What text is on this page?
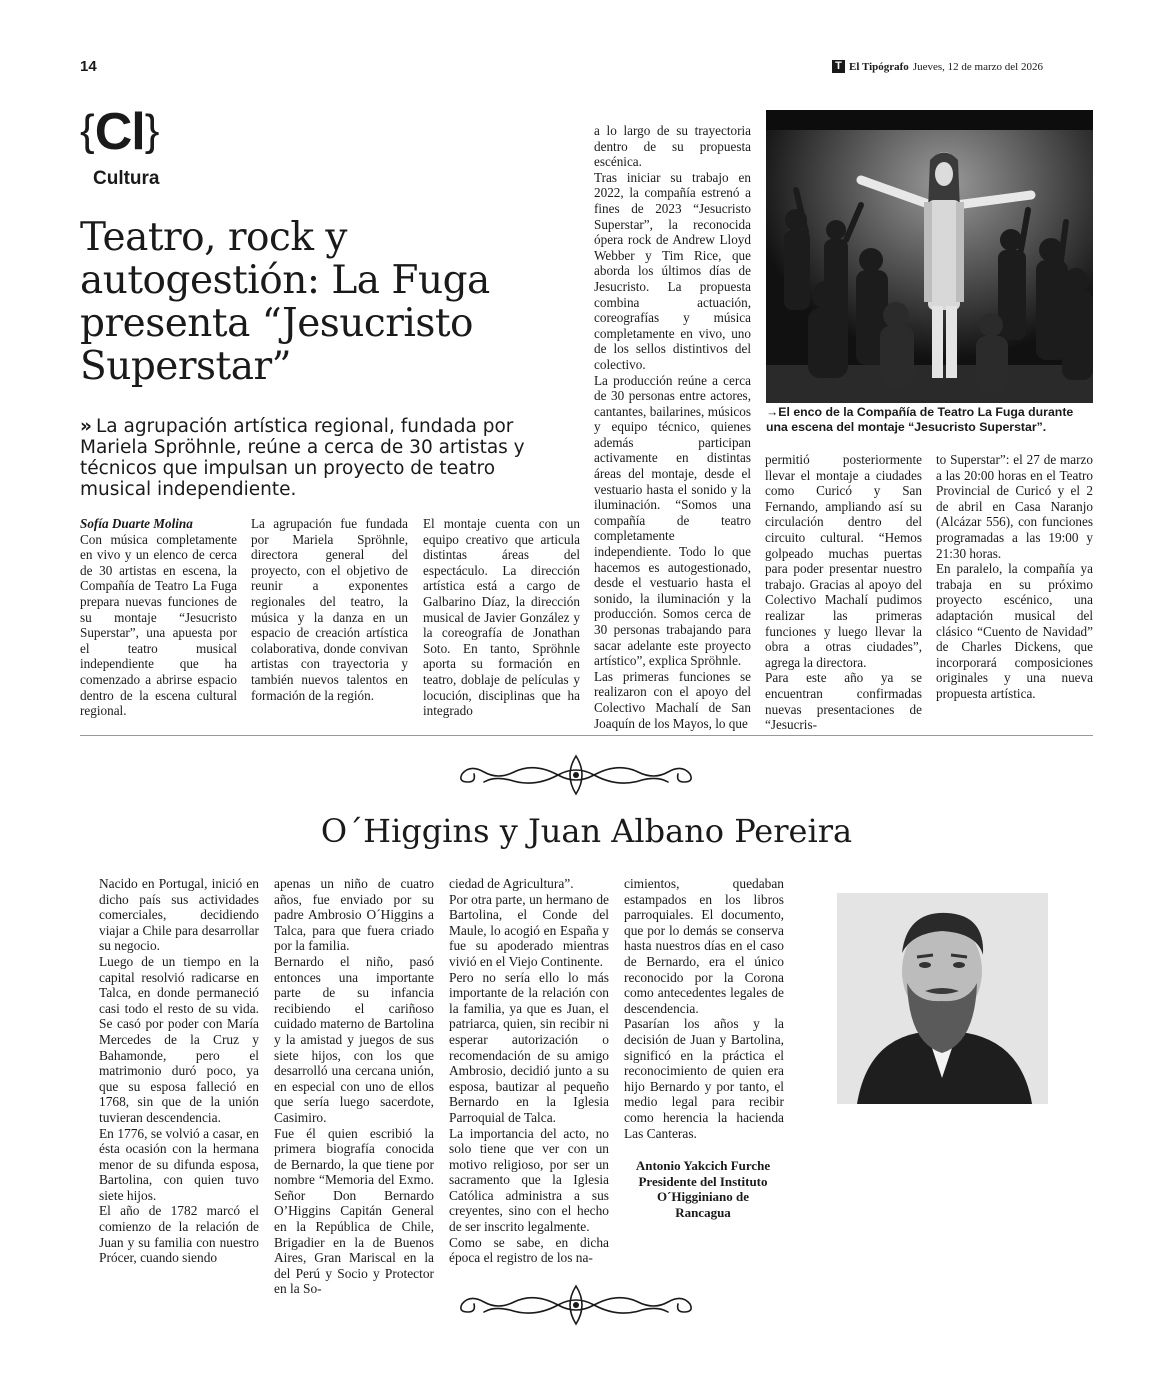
14	T El Tipógrafo Jueves, 12 de marzo del 2026
{Cl}
Cultura
Teatro, rock y autogestión: La Fuga presenta “Jesucristo Superstar”
» La agrupación artística regional, fundada por Mariela Spröhnle, reúne a cerca de 30 artistas y técnicos que impulsan un proyecto de teatro musical independiente.

Sofía Duarte Molina

Con música completamente en vivo y un elenco de cerca de 30 artistas en escena, la Compañía de Teatro La Fuga prepara nuevas funciones de su montaje “Jesucristo Superstar”, una apuesta por el teatro musical independiente que ha comenzado a abrirse espacio dentro de la escena cultural regional.

La agrupación fue fundada por Mariela Spröhnle, directora general del proyecto, con el objetivo de reunir a exponentes regionales del teatro, la música y la danza en un espacio de creación artística colaborativa, donde convivan artistas con trayectoria y también nuevos talentos en formación de la región.

El montaje cuenta con un equipo creativo que articula distintas áreas del espectáculo. La dirección artística está a cargo de Galbarino Díaz, la dirección musical de Javier González y la coreografía de Jonathan Soto. En tanto, Spröhnle aporta su formación en teatro, doblaje de películas y locución, disciplinas que ha integrado

a lo largo de su trayectoria dentro de su propuesta escénica.

Tras iniciar su trabajo en 2022, la compañía estrenó a fines de 2023 “Jesucristo Superstar”, la reconocida ópera rock de Andrew Lloyd Webber y Tim Rice, que aborda los últimos días de Jesucristo. La propuesta combina actuación, coreografías y música completamente en vivo, uno de los sellos distintivos del colectivo.

La producción reúne a cerca de 30 personas entre actores, cantantes, bailarines, músicos y equipo técnico, quienes además participan activamente en distintas áreas del montaje, desde el vestuario hasta el sonido y la iluminación. “Somos una compañía de teatro completamente independiente. Todo lo que hacemos es autogestionado, desde el vestuario hasta el sonido, la iluminación y la producción. Somos cerca de 30 personas trabajando para sacar adelante este proyecto artístico”, explica Spröhnle.

Las primeras funciones se realizaron con el apoyo del Colectivo Machalí de San Joaquín de los Mayos, lo que

permitió posteriormente llevar el montaje a ciudades como Curicó y San Fernando, ampliando así su circulación dentro del circuito cultural. “Hemos golpeado muchas puertas para poder presentar nuestro trabajo. Gracias al apoyo del Colectivo Machalí pudimos realizar las primeras funciones y luego llevar la obra a otras ciudades”, agrega la directora.

Para este año ya se encuentran confirmadas nuevas presentaciones de “Jesucris-

to Superstar”: el 27 de marzo a las 20:00 horas en el Teatro Provincial de Curicó y el 2 de abril en Casa Naranjo (Alcázar 556), con funciones programadas a las 19:00 y 21:30 horas.

En paralelo, la compañía ya trabaja en su próximo proyecto escénico, una adaptación musical del clásico “Cuento de Navidad” de Charles Dickens, que incorporará composiciones originales y una nueva propuesta artística.

→El enco de la Compañía de Teatro La Fuga durante una escena del montaje “Jesucristo Superstar”.
O´Higgins y Juan Albano Pereira

Nacido en Portugal, inició en dicho país sus actividades comerciales, decidiendo viajar a Chile para desarrollar su negocio.

Luego de un tiempo en la capital resolvió radicarse en Talca, en donde permaneció casi todo el resto de su vida. Se casó por poder con María Mercedes de la Cruz y Bahamonde, pero el matrimonio duró poco, ya que su esposa falleció en 1768, sin que de la unión tuvieran descendencia.

En 1776, se volvió a casar, en ésta ocasión con la hermana menor de su difunda esposa, Bartolina, con quien tuvo siete hijos.

El año de 1782 marcó el comienzo de la relación de Juan y su familia con nuestro Prócer, cuando siendo

apenas un niño de cuatro años, fue enviado por su padre Ambrosio O´Higgins a Talca, para que fuera criado por la familia.

Bernardo el niño, pasó entonces una importante parte de su infancia recibiendo el cariñoso cuidado materno de Bartolina y la amistad y juegos de sus siete hijos, con los que desarrolló una cercana unión, en especial con uno de ellos que sería luego sacerdote, Casimiro.

Fue él quien escribió la primera biografía conocida de Bernardo, la que tiene por nombre “Memoria del Exmo. Señor Don Bernardo O’Higgins Capitán General en la República de Chile, Brigadier en la de Buenos Aires, Gran Mariscal en la del Perú y Socio y Protector en la So-

ciedad de Agricultura”.

Por otra parte, un hermano de Bartolina, el Conde del Maule, lo acogió en España y fue su apoderado mientras vivió en el Viejo Continente.

Pero no sería ello lo más importante de la relación con la familia, ya que es Juan, el patriarca, quien, sin recibir ni esperar autorización o recomendación de su amigo Ambrosio, decidió junto a su esposa, bautizar al pequeño Bernardo en la Iglesia Parroquial de Talca.

La importancia del acto, no solo tiene que ver con un motivo religioso, por ser un sacramento que la Iglesia Católica administra a sus creyentes, sino con el hecho de ser inscrito legalmente.

Como se sabe, en dicha época el registro de los na-

cimientos, quedaban estampados en los libros parroquiales. El documento, que por lo demás se conserva hasta nuestros días en el caso de Bernardo, era el único reconocido por la Corona como antecedentes legales de descendencia.

Pasarían los años y la decisión de Juan y Bartolina, significó en la práctica el reconocimiento de quien era hijo Bernardo y por tanto, el medio legal para recibir como herencia la hacienda Las Canteras.

Antonio Yakcich Furche
Presidente del Instituto
O´Higginiano de
Rancagua
